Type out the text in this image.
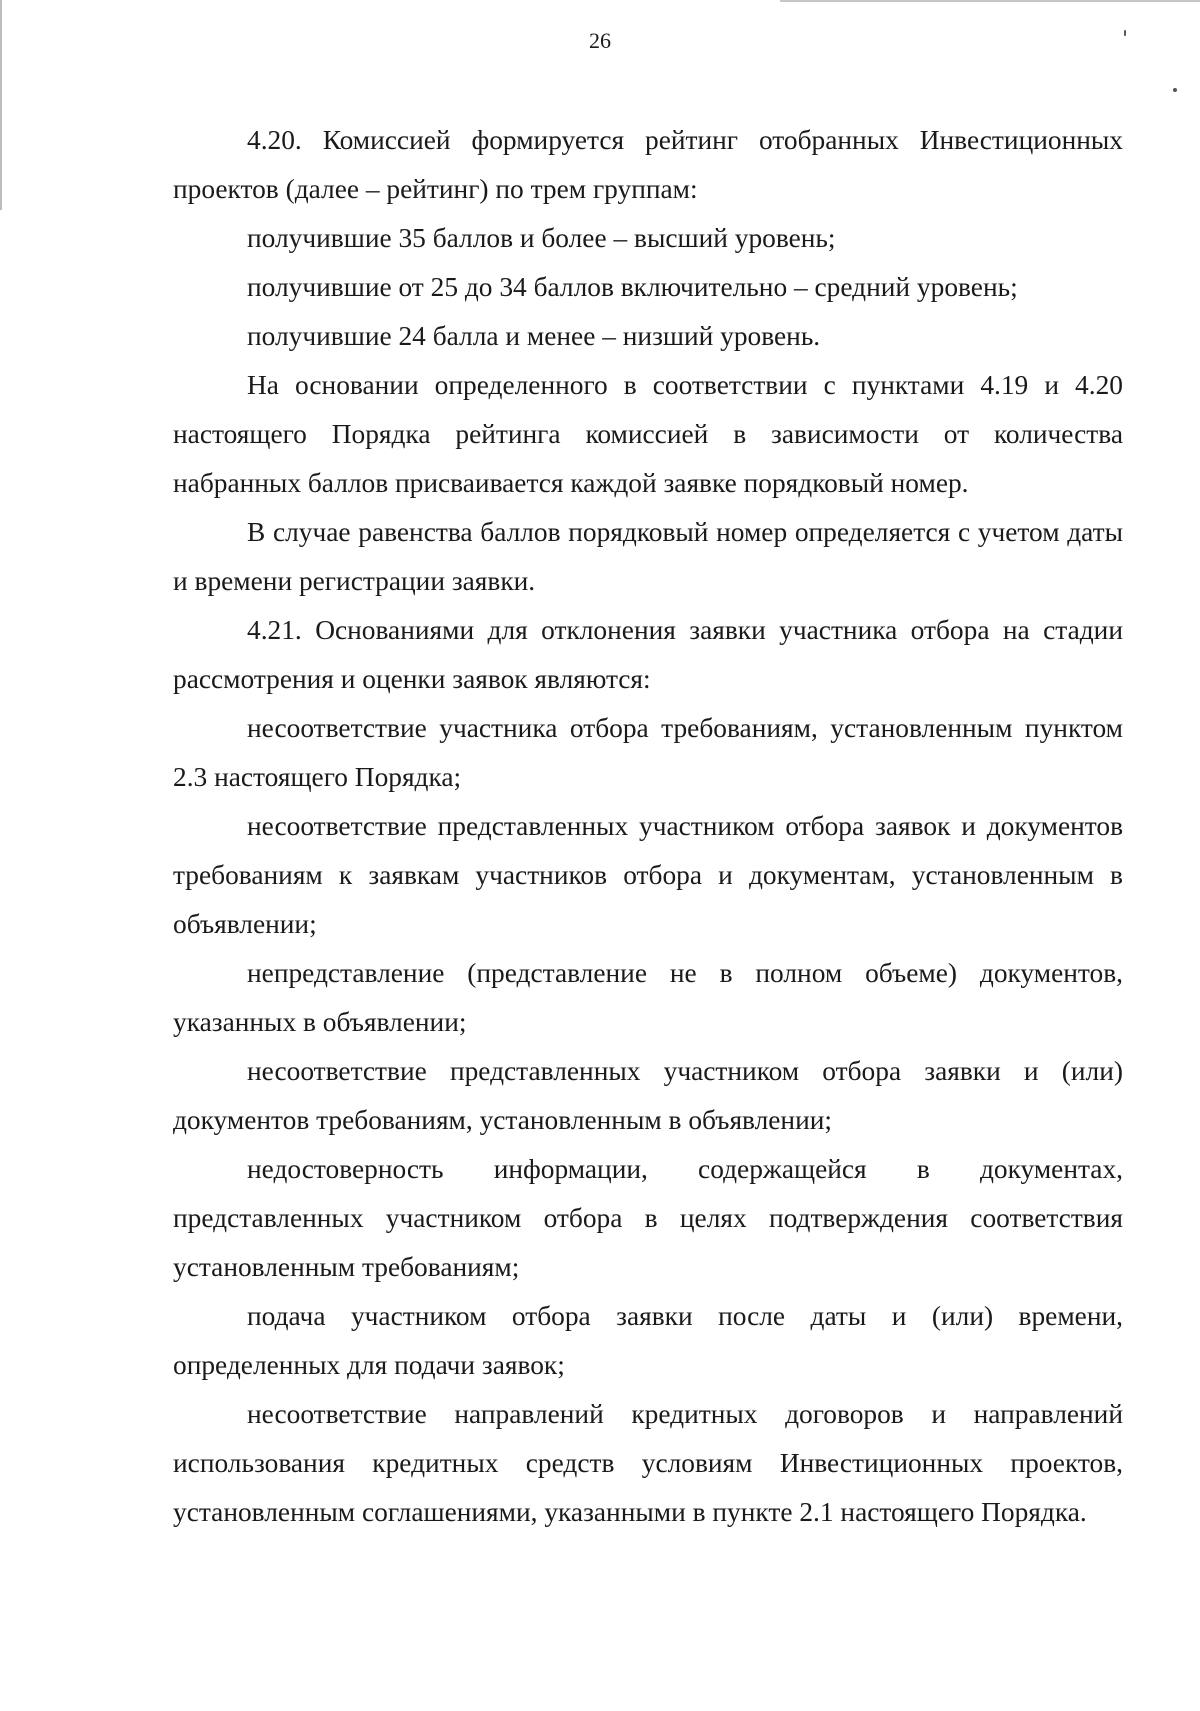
26

4.20. Комиссией формируется рейтинг отобранных Инвестиционных проектов (далее – рейтинг) по трем группам:

получившие 35 баллов и более – высший уровень;

получившие от 25 до 34 баллов включительно – средний уровень;

получившие 24 балла и менее – низший уровень.

На основании определенного в соответствии с пунктами 4.19 и 4.20 настоящего Порядка рейтинга комиссией в зависимости от количества набранных баллов присваивается каждой заявке порядковый номер.

В случае равенства баллов порядковый номер определяется с учетом даты и времени регистрации заявки.

4.21. Основаниями для отклонения заявки участника отбора на стадии рассмотрения и оценки заявок являются:

несоответствие участника отбора требованиям, установленным пунктом 2.3 настоящего Порядка;

несоответствие представленных участником отбора заявок и документов требованиям к заявкам участников отбора и документам, установленным в объявлении;

непредставление (представление не в полном объеме) документов, указанных в объявлении;

несоответствие представленных участником отбора заявки и (или) документов требованиям, установленным в объявлении;

недостоверность информации, содержащейся в документах, представленных участником отбора в целях подтверждения соответствия установленным требованиям;

подача участником отбора заявки после даты и (или) времени, определенных для подачи заявок;

несоответствие направлений кредитных договоров и направлений использования кредитных средств условиям Инвестиционных проектов, установленным соглашениями, указанными в пункте 2.1 настоящего Порядка.
